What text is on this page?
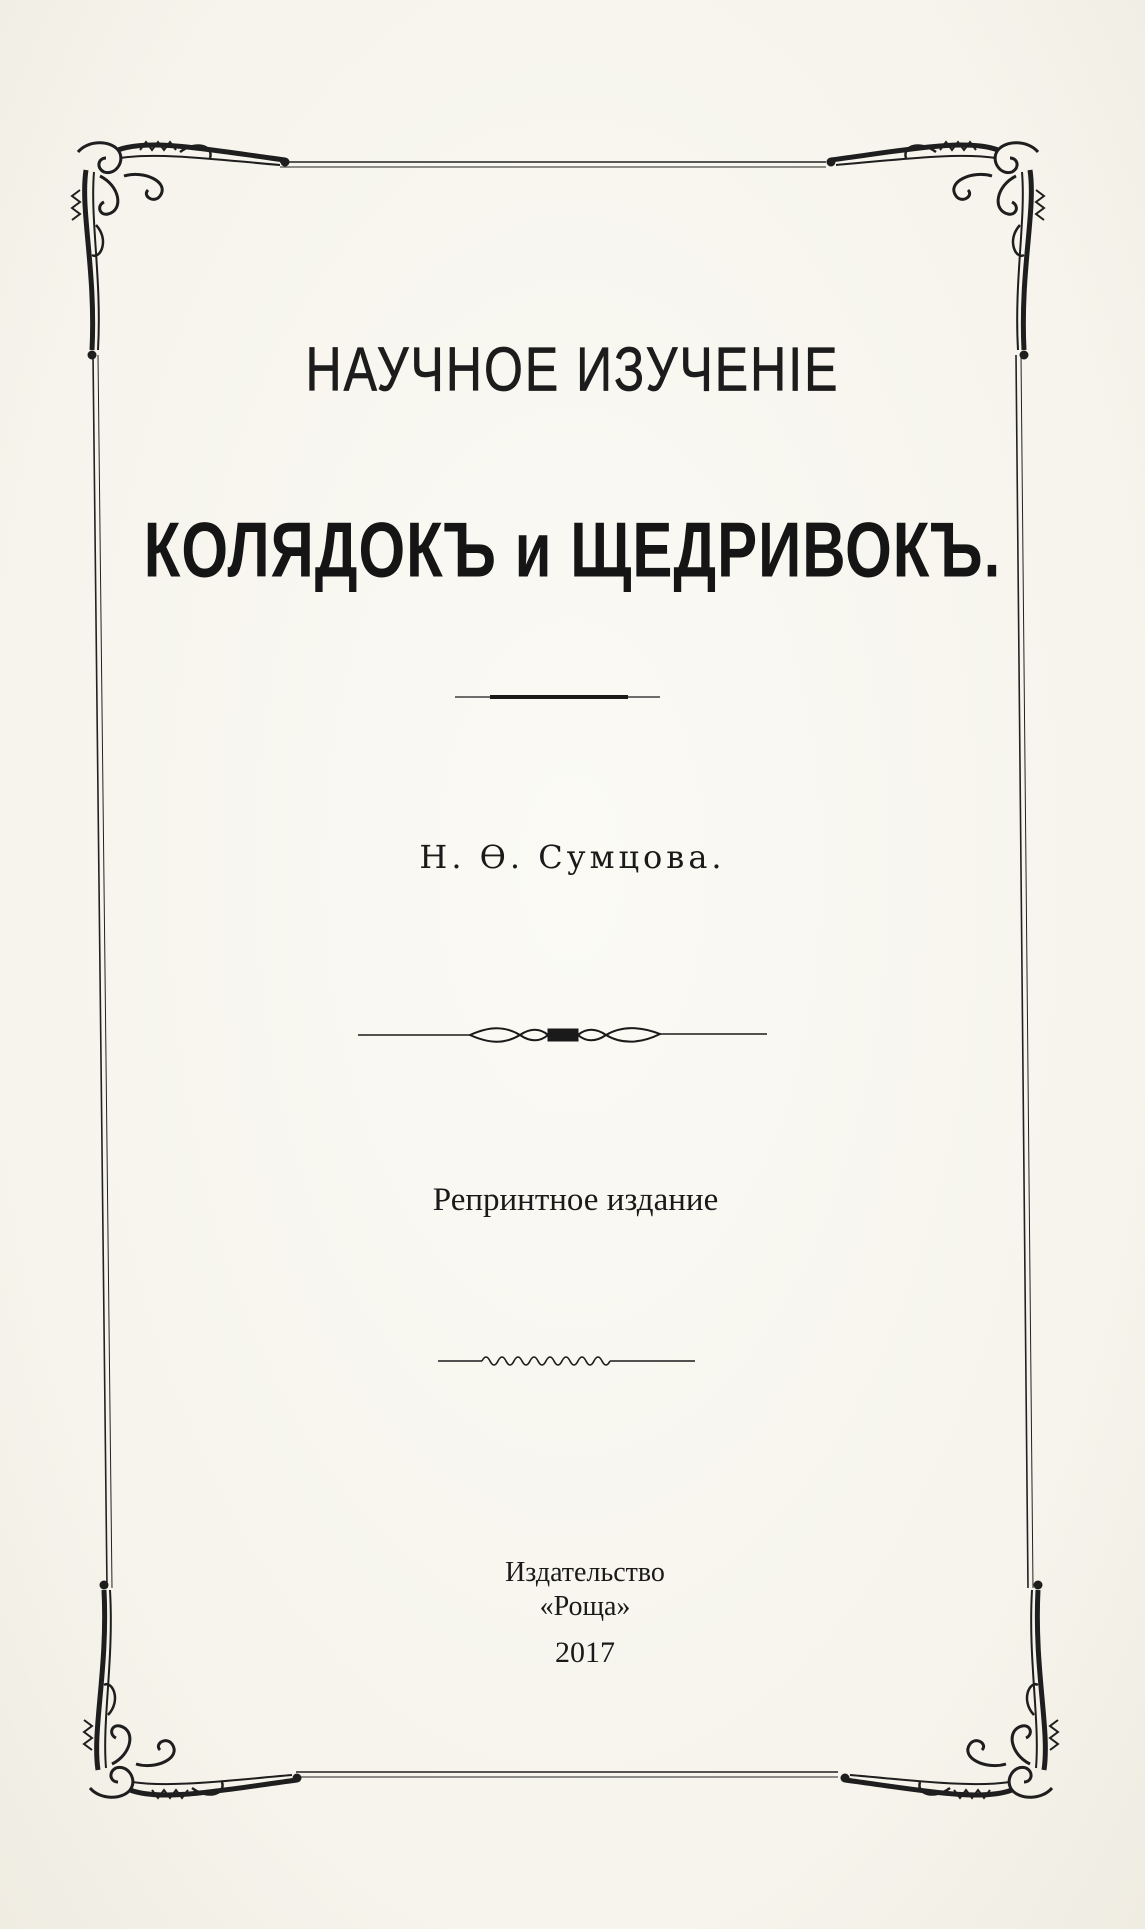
НАУЧНОЕ ИЗУЧЕНIЕ
КОЛЯДОКЪ и ЩЕДРИВОКЪ.
Н. Ѳ. Сумцова.
Репринтное издание
Издательство
«Роща»
2017
